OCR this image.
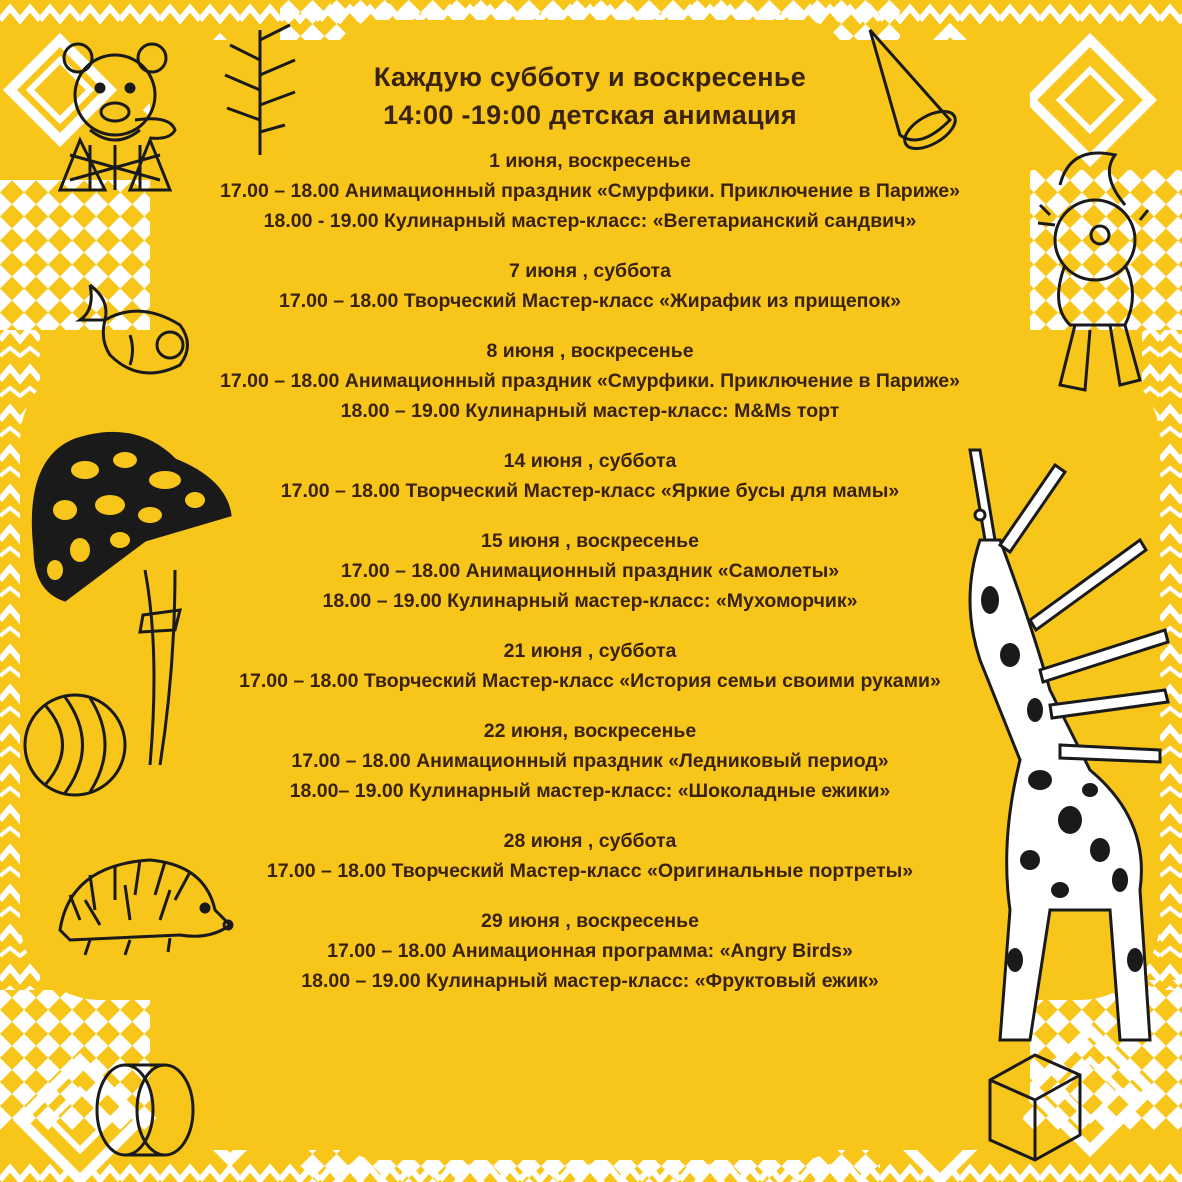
Каждую субботу и воскресенье
14:00 -19:00 детская анимация
1 июня, воскресенье
17.00 – 18.00 Анимационный праздник «Смурфики. Приключение в Париже»
18.00 - 19.00 Кулинарный мастер-класс: «Вегетарианский сандвич»
7 июня , суббота
17.00 – 18.00 Творческий Мастер-класс «Жирафик из прищепок»
8 июня , воскресенье
17.00 – 18.00 Анимационный праздник «Смурфики. Приключение в Париже»
18.00 – 19.00 Кулинарный мастер-класс: M&Ms торт
14 июня , суббота
17.00 – 18.00 Творческий Мастер-класс «Яркие бусы для мамы»
15 июня , воскресенье
17.00 – 18.00 Анимационный праздник «Самолеты»
18.00 – 19.00 Кулинарный мастер-класс: «Мухоморчик»
21 июня , суббота
17.00 – 18.00 Творческий Мастер-класс «История семьи своими руками»
22 июня, воскресенье
17.00 – 18.00 Анимационный праздник «Ледниковый период»
18.00– 19.00 Кулинарный мастер-класс: «Шоколадные ежики»
28 июня , суббота
17.00 – 18.00 Творческий Мастер-класс «Оригинальные портреты»
29 июня , воскресенье
17.00 – 18.00 Анимационная программа: «Angry Birds»
18.00 – 19.00 Кулинарный мастер-класс: «Фруктовый ежик»
